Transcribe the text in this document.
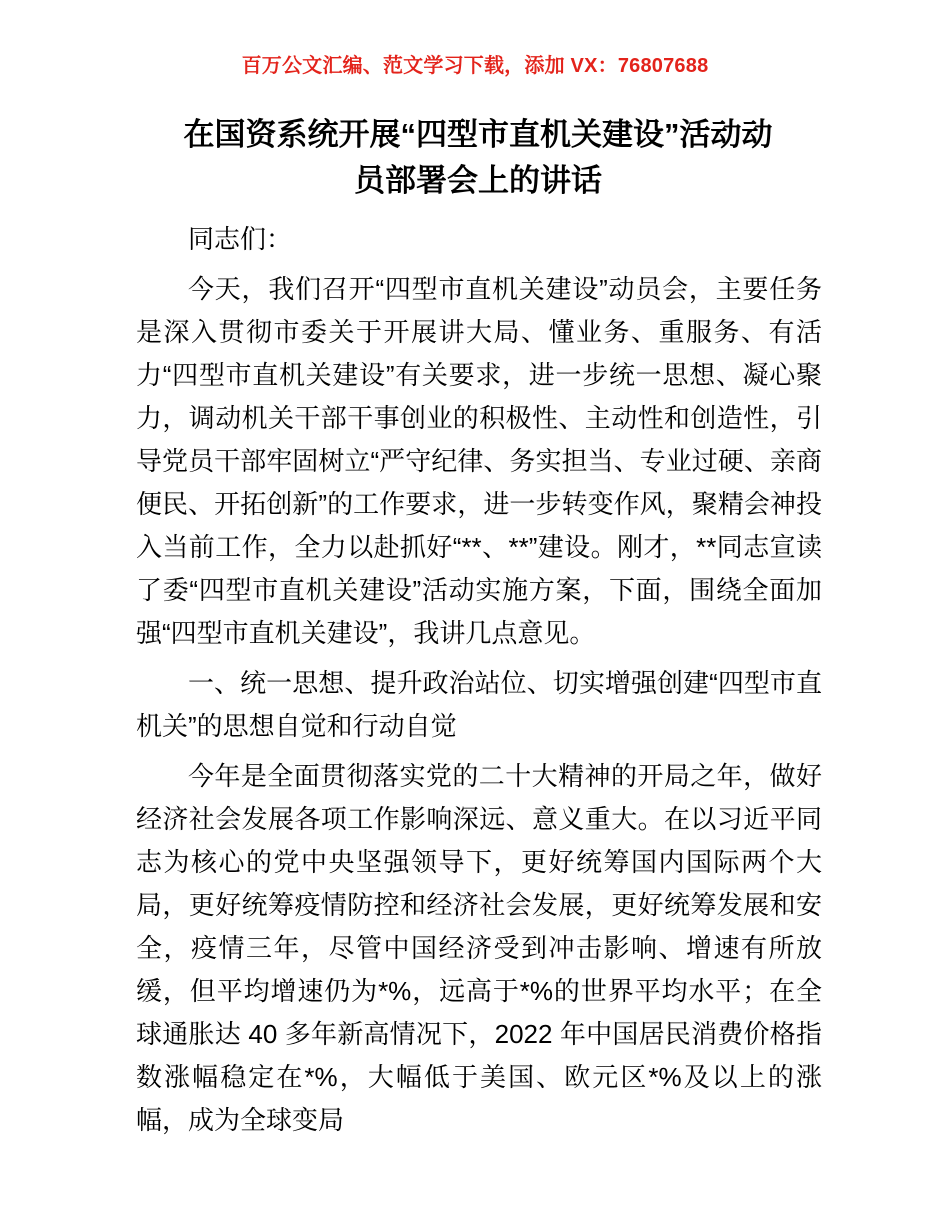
百万公文汇编、范文学习下载，添加 VX：76807688
在国资系统开展“四型市直机关建设”活动动
员部署会上的讲话

同志们：

今天，我们召开“四型市直机关建设”动员会，主要任务是深入贯彻市委关于开展讲大局、懂业务、重服务、有活力“四型市直机关建设”有关要求，进一步统一思想、凝心聚力，调动机关干部干事创业的积极性、主动性和创造性，引导党员干部牢固树立“严守纪律、务实担当、专业过硬、亲商便民、开拓创新”的工作要求，进一步转变作风，聚精会神投入当前工作，全力以赴抓好“**、**”建设。刚才，**同志宣读了委“四型市直机关建设”活动实施方案，下面，围绕全面加强“四型市直机关建设”，我讲几点意见。

一、统一思想、提升政治站位、切实增强创建“四型市直机关”的思想自觉和行动自觉

今年是全面贯彻落实党的二十大精神的开局之年，做好经济社会发展各项工作影响深远、意义重大。在以习近平同志为核心的党中央坚强领导下，更好统筹国内国际两个大局，更好统筹疫情防控和经济社会发展，更好统筹发展和安全，疫情三年，尽管中国经济受到冲击影响、增速有所放缓，但平均增速仍为*%，远高于*%的世界平均水平；在全球通胀达 40 多年新高情况下，2022 年中国居民消费价格指数涨幅稳定在*%，大幅低于美国、欧元区*%及以上的涨幅，成为全球变局
